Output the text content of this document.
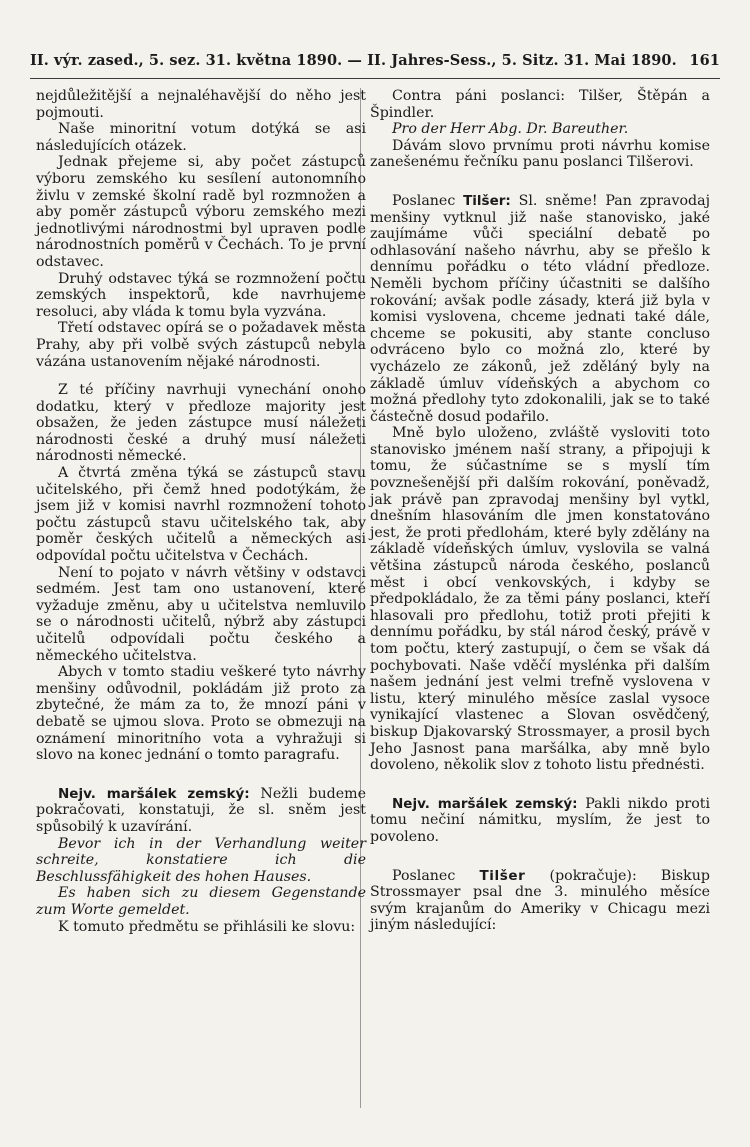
II. výr. zased., 5. sez. 31. května 1890. — II. Jahres-Sess., 5. Sitz. 31. Mai 1890. 161

nejdůležitější a nejnaléhavější do něho jest pojmouti.

Naše minoritní votum dotýká se asi následujících otázek.

Jednak přejeme si, aby počet zástupců výboru zemského ku sesílení autonomního živlu v zemské školní radě byl rozmnožen a aby poměr zástupců výboru zemského mezi jednotlivými národnostmi byl upraven podle národnostních poměrů v Čechách. To je první odstavec.

Druhý odstavec týká se rozmnožení počtu zemských inspektorů, kde navrhujeme resoluci, aby vláda k tomu byla vyzvána.

Třetí odstavec opírá se o požadavek města Prahy, aby při volbě svých zástupců nebyla vázána ustanovením nějaké národnosti.

Z té příčiny navrhuji vynechání onoho dodatku, který v předloze majority jest obsažen, že jeden zástupce musí náležeti národnosti české a druhý musí náležeti národnosti německé.

A čtvrtá změna týká se zástupců stavu učitelského, při čemž hned podotýkám, že jsem již v komisi navrhl rozmnožení tohoto počtu zástupců stavu učitelského tak, aby poměr českých učitelů a německých asi odpovídal počtu učitelstva v Čechách.

Není to pojato v návrh většiny v odstavci sedmém. Jest tam ono ustanovení, které vyžaduje změnu, aby u učitelstva nemluvilo se o národnosti učitelů, nýbrž aby zástupci učitelů odpovídali počtu českého a německého učitelstva.

Abych v tomto stadiu veškeré tyto návrhy menšiny odůvodnil, pokládám již proto za zbytečné, že mám za to, že mnozí páni v debatě se ujmou slova. Proto se obmezuji na oznámení minoritního vota a vyhražuji si slovo na konec jednání o tomto paragrafu.

Nejv. maršálek zemský: Nežli budeme pokračovati, konstatuji, že sl. sněm jest spůsobilý k uzavírání.

Bevor ich in der Verhandlung weiter schreite, konstatiere ich die Beschlussfähigkeit des hohen Hauses.

Es haben sich zu diesem Gegenstande zum Worte gemeldet.

K tomuto předmětu se přihlásili ke slovu:

Contra páni poslanci: Tilšer, Štěpán a Špindler.

Pro der Herr Abg. Dr. Bareuther.

Dávám slovo prvnímu proti návrhu komise zanešenému řečníku panu poslanci Tilšerovi.

Poslanec Tilšer: Sl. sněme! Pan zpravodaj menšiny vytknul již naše stanovisko, jaké zaujímáme vůči speciální debatě po odhlasování našeho návrhu, aby se přešlo k dennímu pořádku o této vládní předloze. Neměli bychom příčiny účastniti se dalšího rokování; avšak podle zásady, která již byla v komisi vyslovena, chceme jednati také dále, chceme se pokusiti, aby stante concluso odvráceno bylo co možná zlo, které by vycházelo ze zákonů, jež zděláný byly na základě úmluv vídeňských a abychom co možná předlohy tyto zdokonalili, jak se to také částečně dosud podařilo.

Mně bylo uloženo, zvláště vysloviti toto stanovisko jménem naší strany, a připojuji k tomu, že súčastníme se s myslí tím povznešenější při dalším rokování, poněvadž, jak právě pan zpravodaj menšiny byl vytkl, dnešním hlasováním dle jmen konstatováno jest, že proti předlohám, které byly zdělány na základě vídeňských úmluv, vyslovila se valná většina zástupců národa českého, poslanců měst i obcí venkovských, i kdyby se předpokládalo, že za těmi pány poslanci, kteří hlasovali pro předlohu, totiž proti přejiti k dennímu pořádku, by stál národ český, právě v tom počtu, který zastupují, o čem se však dá pochybovati. Naše vděčí myslénka při dalším našem jednání jest velmi trefně vyslovena v listu, který minulého měsíce zaslal vysoce vynikající vlastenec a Slovan osvědčený, biskup Djakovarský Strossmayer, a prosil bych Jeho Jasnost pana maršálka, aby mně bylo dovoleno, několik slov z tohoto listu přednésti.

Nejv. maršálek zemský: Pakli nikdo proti tomu nečiní námitku, myslím, že jest to povoleno.

Poslanec Tilšer (pokračuje): Biskup Strossmayer psal dne 3. minulého měsíce svým krajanům do Ameriky v Chicagu mezi jiným následující:
